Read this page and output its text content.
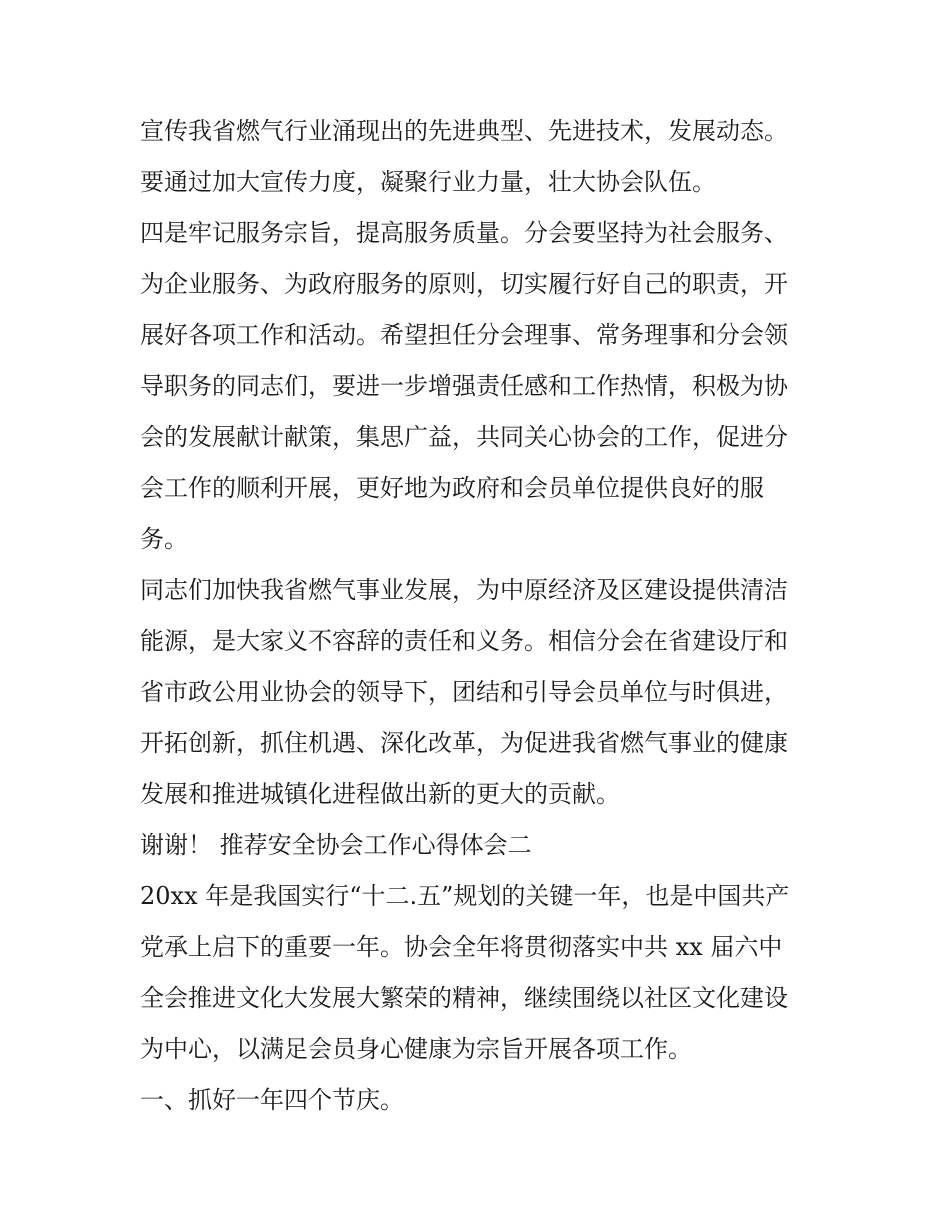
宣传我省燃气行业涌现出的先进典型、先进技术，发展动态。

要通过加大宣传力度，凝聚行业力量，壮大协会队伍。

四是牢记服务宗旨，提高服务质量。分会要坚持为社会服务、

为企业服务、为政府服务的原则，切实履行好自己的职责，开

展好各项工作和活动。希望担任分会理事、常务理事和分会领

导职务的同志们，要进一步增强责任感和工作热情，积极为协

会的发展献计献策，集思广益，共同关心协会的工作，促进分

会工作的顺利开展，更好地为政府和会员单位提供良好的服

务。

同志们加快我省燃气事业发展，为中原经济及区建设提供清洁

能源，是大家义不容辞的责任和义务。相信分会在省建设厅和

省市政公用业协会的领导下，团结和引导会员单位与时俱进，

开拓创新，抓住机遇、深化改革，为促进我省燃气事业的健康

发展和推进城镇化进程做出新的更大的贡献。

谢谢！ 推荐安全协会工作心得体会二

20xx 年是我国实行“十二.五”规划的关键一年，也是中国共产

党承上启下的重要一年。协会全年将贯彻落实中共 xx 届六中

全会推进文化大发展大繁荣的精神，继续围绕以社区文化建设

为中心，以满足会员身心健康为宗旨开展各项工作。

一、抓好一年四个节庆。
